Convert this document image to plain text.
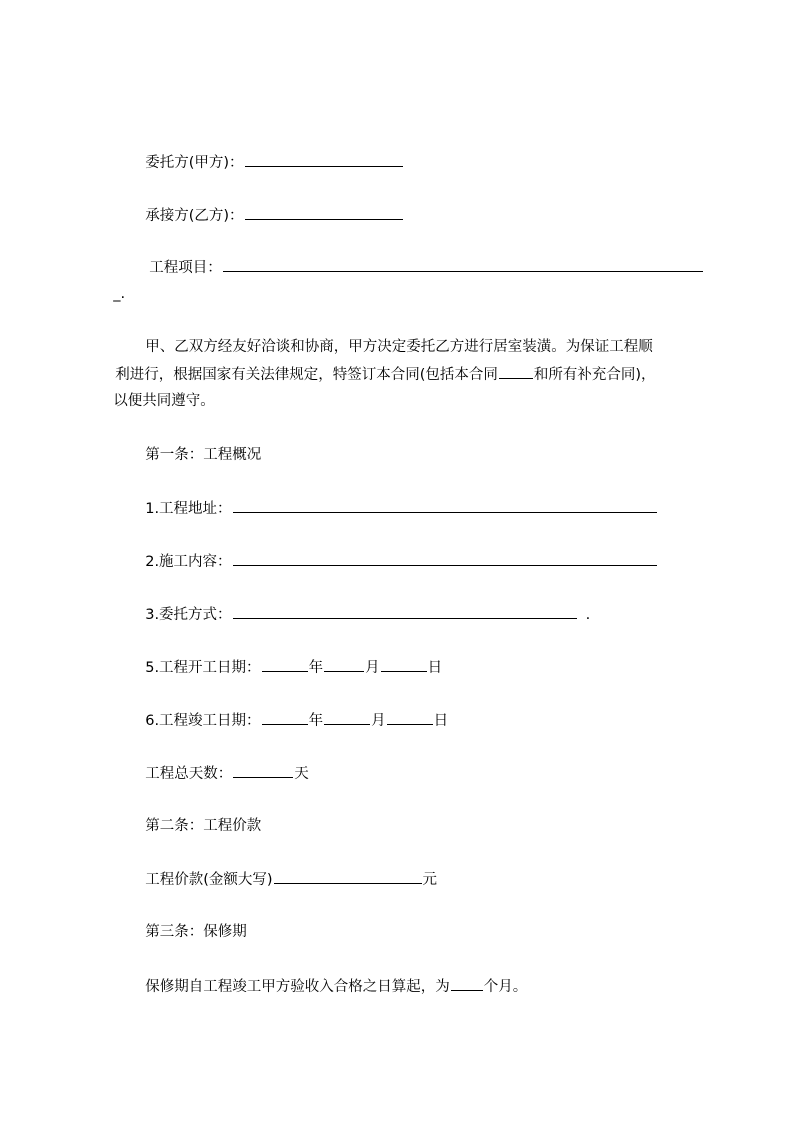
委托方(甲方)：

承接方(乙方)：

工程项目：

_.

甲、乙双方经友好洽谈和协商，甲方决定委托乙方进行居室装潢。为保证工程顺

利进行，根据国家有关法律规定，特签订本合同(包括本合同 和所有补充合同)，

以便共同遵守。

第一条：工程概况

1.工程地址：

2.施工内容：

3.委托方式：	.

5.工程开工日期：	年	月	日

6.工程竣工日期：	年	月	日

工程总天数：	天

第二条：工程价款

工程价款(金额大写)	元

第三条：保修期

保修期自工程竣工甲方验收入合格之日算起，为 个月。
